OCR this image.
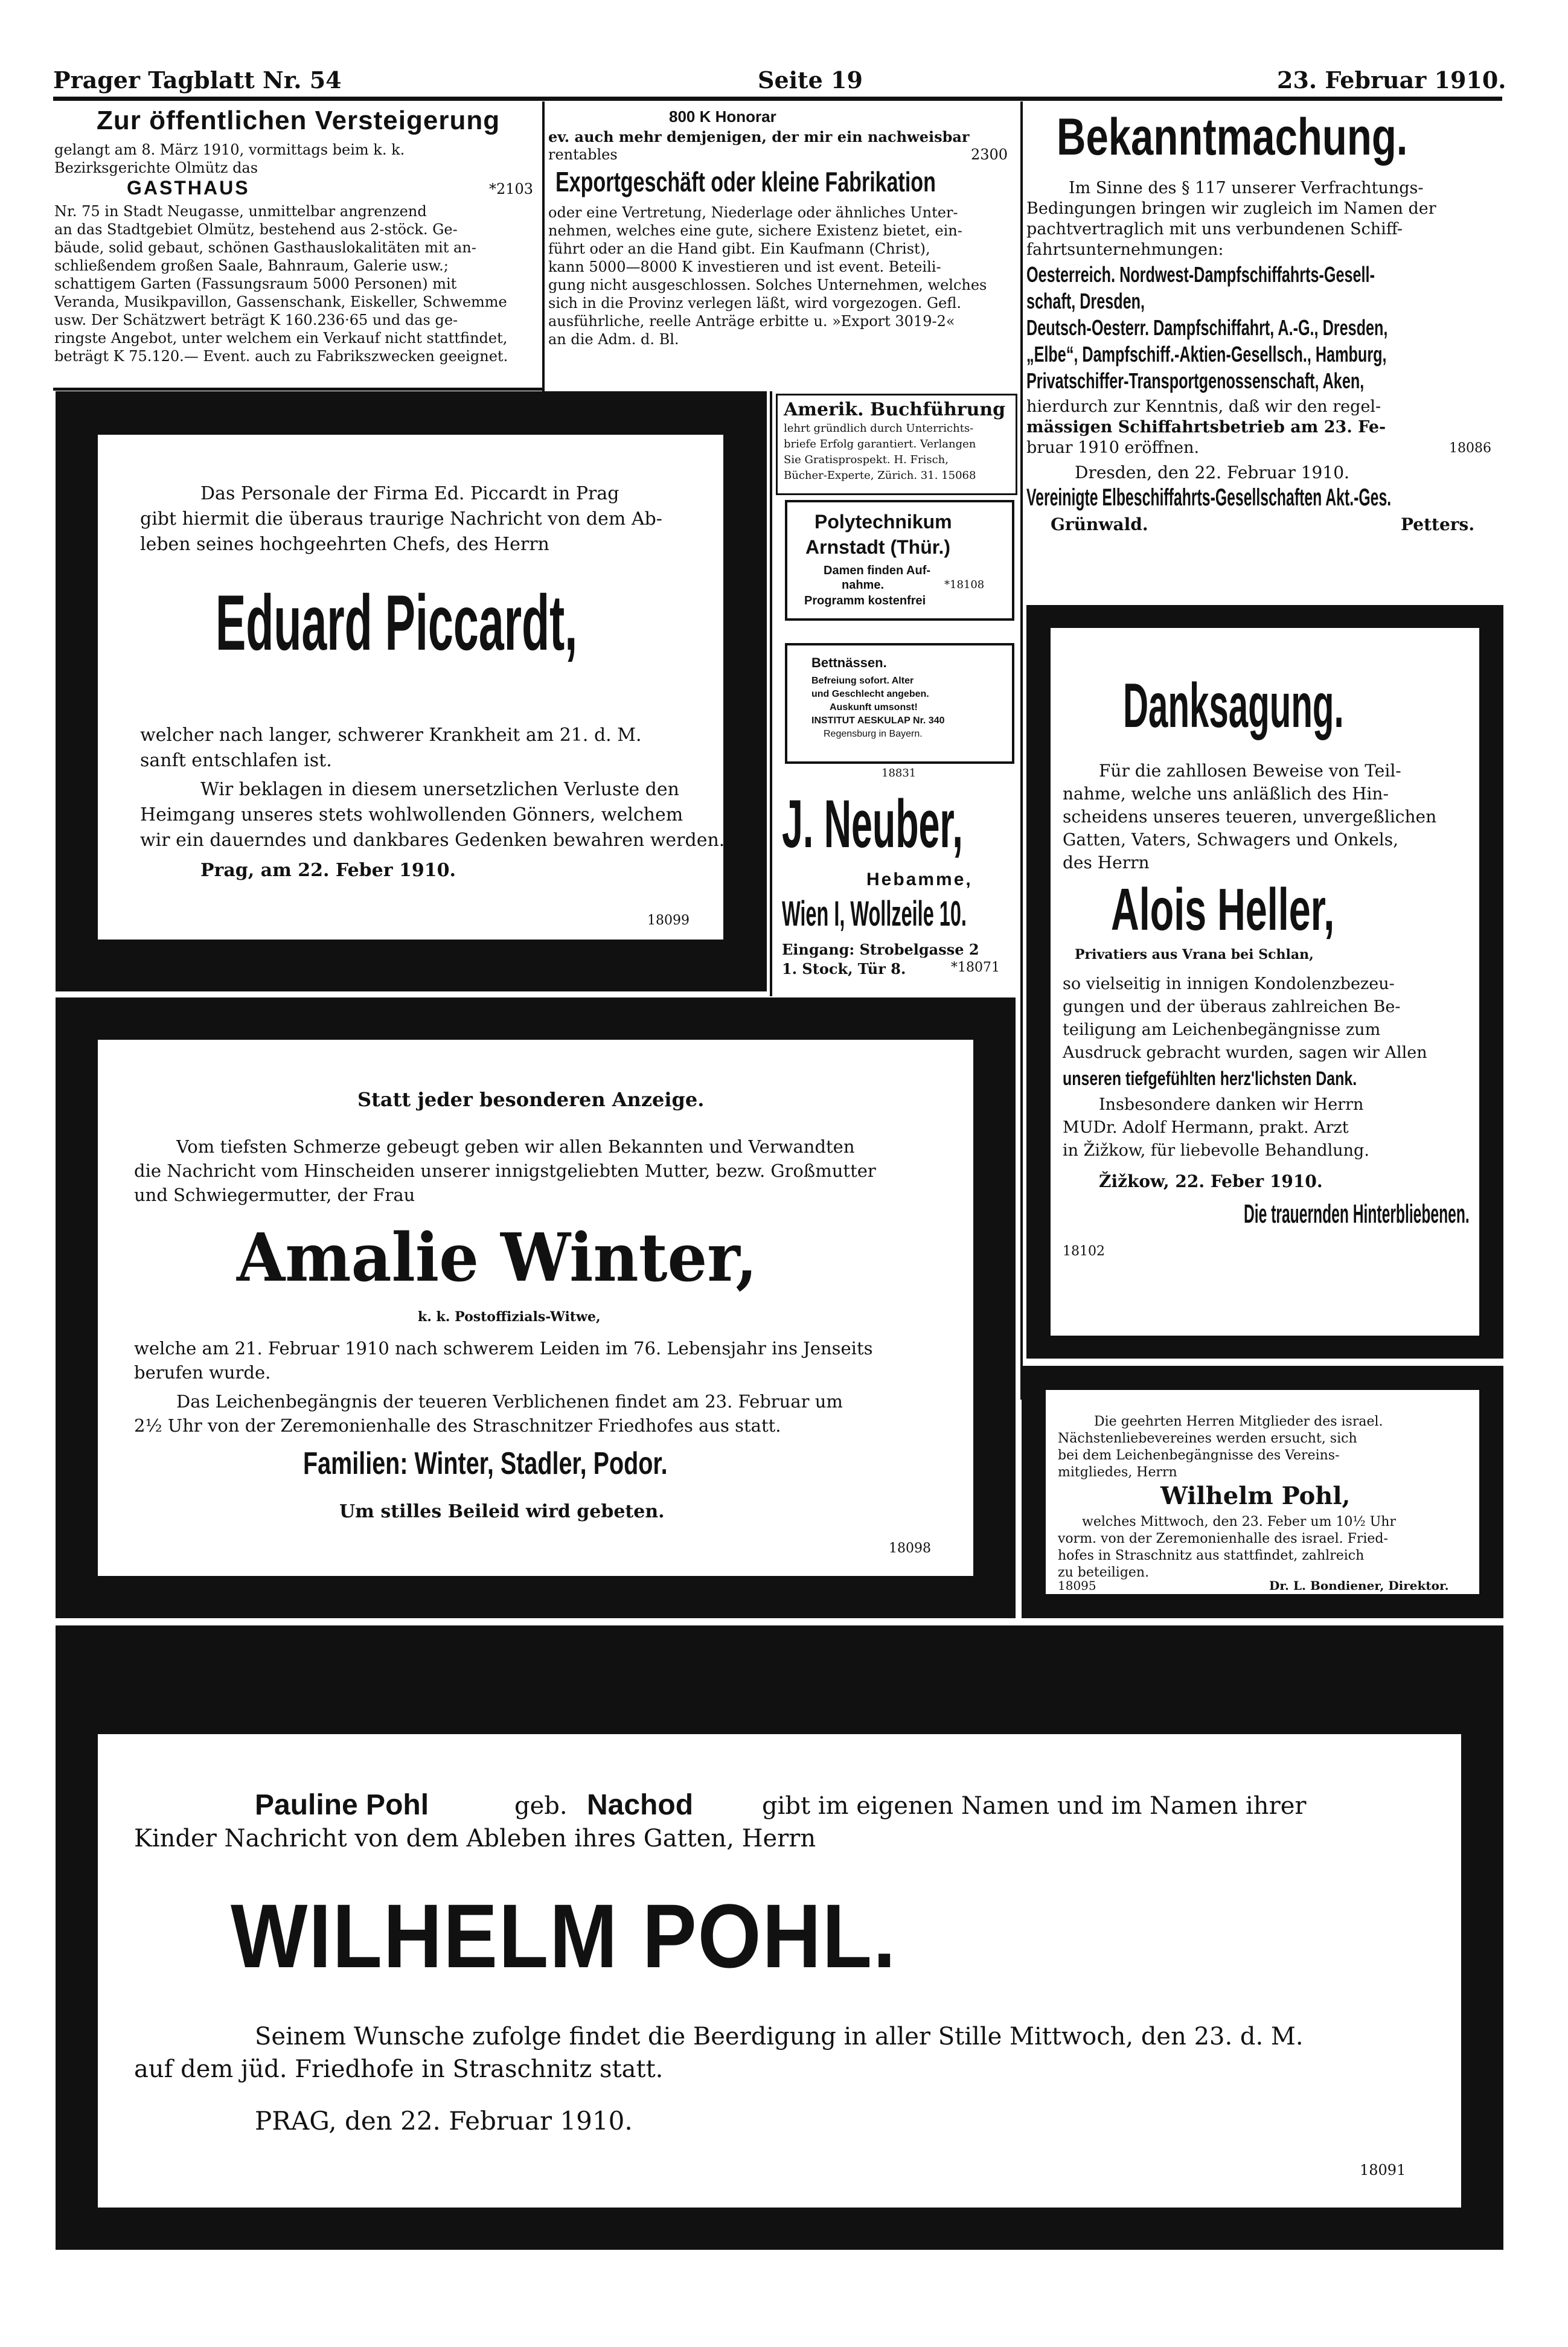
Prager Tagblatt Nr. 54	Seite 19	23. Februar 1910.
Zur öffentlichen Versteigerung
gelangt am 8. März 1910, vormittags beim k. k.
Bezirksgerichte Olmütz das
GASTHAUS	*2103
Nr. 75 in Stadt Neugasse, unmittelbar angrenzend
an das Stadtgebiet Olmütz, bestehend aus 2-stöck. Ge-
bäude, solid gebaut, schönen Gasthauslokalitäten mit an-
schließendem großen Saale, Bahnraum, Galerie usw.;
schattigem Garten (Fassungsraum 5000 Personen) mit
Veranda, Musikpavillon, Gassenschank, Eiskeller, Schwemme
usw. Der Schätzwert beträgt K 160.236·65 und das ge-
ringste Angebot, unter welchem ein Verkauf nicht stattfindet,
beträgt K 75.120.— Event. auch zu Fabrikszwecken geeignet.
800 K Honorar
ev. auch mehr demjenigen, der mir ein nachweisbar
rentables	2300
Exportgeschäft oder kleine Fabrikation
oder eine Vertretung, Niederlage oder ähnliches Unter-
nehmen, welches eine gute, sichere Existenz bietet, ein-
führt oder an die Hand gibt. Ein Kaufmann (Christ),
kann 5000—8000 K investieren und ist event. Beteili-
gung nicht ausgeschlossen. Solches Unternehmen, welches
sich in die Provinz verlegen läßt, wird vorgezogen. Gefl.
ausführliche, reelle Anträge erbitte u. »Export 3019-2«
an die Adm. d. Bl.
Bekanntmachung.
Im Sinne des § 117 unserer Verfrachtungs-
Bedingungen bringen wir zugleich im Namen der
pachtvertraglich mit uns verbundenen Schiff-
fahrtsunternehmungen:
Oesterreich. Nordwest-Dampfschiffahrts-Gesell-
schaft, Dresden,
Deutsch-Oesterr. Dampfschiffahrt, A.-G., Dresden,
„Elbe“, Dampfschiff.-Aktien-Gesellsch., Hamburg,
Privatschiffer-Transportgenossenschaft, Aken,
hierdurch zur Kenntnis, daß wir den regel-
mässigen Schiffahrtsbetrieb am 23. Fe-
bruar 1910 eröffnen.	18086
Dresden, den 22. Februar 1910.
Vereinigte Elbeschiffahrts-Gesellschaften Akt.-Ges.
Grünwald.	Petters.
Das Personale der Firma Ed. Piccardt in Prag
gibt hiermit die überaus traurige Nachricht von dem Ab-
leben seines hochgeehrten Chefs, des Herrn
Eduard Piccardt,
welcher nach langer, schwerer Krankheit am 21. d. M.
sanft entschlafen ist.
Wir beklagen in diesem unersetzlichen Verluste den
Heimgang unseres stets wohlwollenden Gönners, welchem
wir ein dauerndes und dankbares Gedenken bewahren werden.
Prag, am 22. Feber 1910.
18099
Amerik. Buchführung
lehrt gründlich durch Unterrichts-
briefe Erfolg garantiert. Verlangen
Sie Gratisprospekt. H. Frisch,
Bücher-Experte, Zürich. 31. 15068
Polytechnikum
Arnstadt (Thür.)
Damen finden Auf-
nahme.	*18108
Programm kostenfrei
Bettnässen.
Befreiung sofort. Alter
und Geschlecht angeben.
Auskunft umsonst!
INSTITUT AESKULAP Nr. 340
Regensburg in Bayern.
18831
J. Neuber,
Hebamme,
Wien I, Wollzeile 10.
Eingang: Strobelgasse 2
1. Stock, Tür 8.	*18071
Danksagung.
Für die zahllosen Beweise von Teil-
nahme, welche uns anläßlich des Hin-
scheidens unseres teueren, unvergeßlichen
Gatten, Vaters, Schwagers und Onkels,
des Herrn
Alois Heller,
Privatiers aus Vrana bei Schlan,
so vielseitig in innigen Kondolenzbezeu-
gungen und der überaus zahlreichen Be-
teiligung am Leichenbegängnisse zum
Ausdruck gebracht wurden, sagen wir Allen
unseren tiefgefühlten herz'lichsten Dank.
Insbesondere danken wir Herrn
MUDr. Adolf Hermann, prakt. Arzt
in Žižkow, für liebevolle Behandlung.
Žižkow, 22. Feber 1910.
Die trauernden Hinterbliebenen.
18102
Statt jeder besonderen Anzeige.
Vom tiefsten Schmerze gebeugt geben wir allen Bekannten und Verwandten
die Nachricht vom Hinscheiden unserer innigstgeliebten Mutter, bezw. Großmutter
und Schwiegermutter, der Frau
Amalie Winter,
k. k. Postoffizials-Witwe,
welche am 21. Februar 1910 nach schwerem Leiden im 76. Lebensjahr ins Jenseits
berufen wurde.
Das Leichenbegängnis der teueren Verblichenen findet am 23. Februar um
2½ Uhr von der Zeremonienhalle des Straschnitzer Friedhofes aus statt.
Familien: Winter, Stadler, Podor.
Um stilles Beileid wird gebeten.
18098
Die geehrten Herren Mitglieder des israel.
Nächstenliebevereines werden ersucht, sich
bei dem Leichenbegängnisse des Vereins-
mitgliedes, Herrn
Wilhelm Pohl,
welches Mittwoch, den 23. Feber um 10½ Uhr
vorm. von der Zeremonienhalle des israel. Fried-
hofes in Straschnitz aus stattfindet, zahlreich
zu beteiligen.
18095	Dr. L. Bondiener, Direktor.
Pauline Pohl	geb. Nachod	gibt im eigenen Namen und im Namen ihrer
Kinder Nachricht von dem Ableben ihres Gatten, Herrn
WILHELM POHL.
Seinem Wunsche zufolge findet die Beerdigung in aller Stille Mittwoch, den 23. d. M.
auf dem jüd. Friedhofe in Straschnitz statt.
PRAG, den 22. Februar 1910.
18091
